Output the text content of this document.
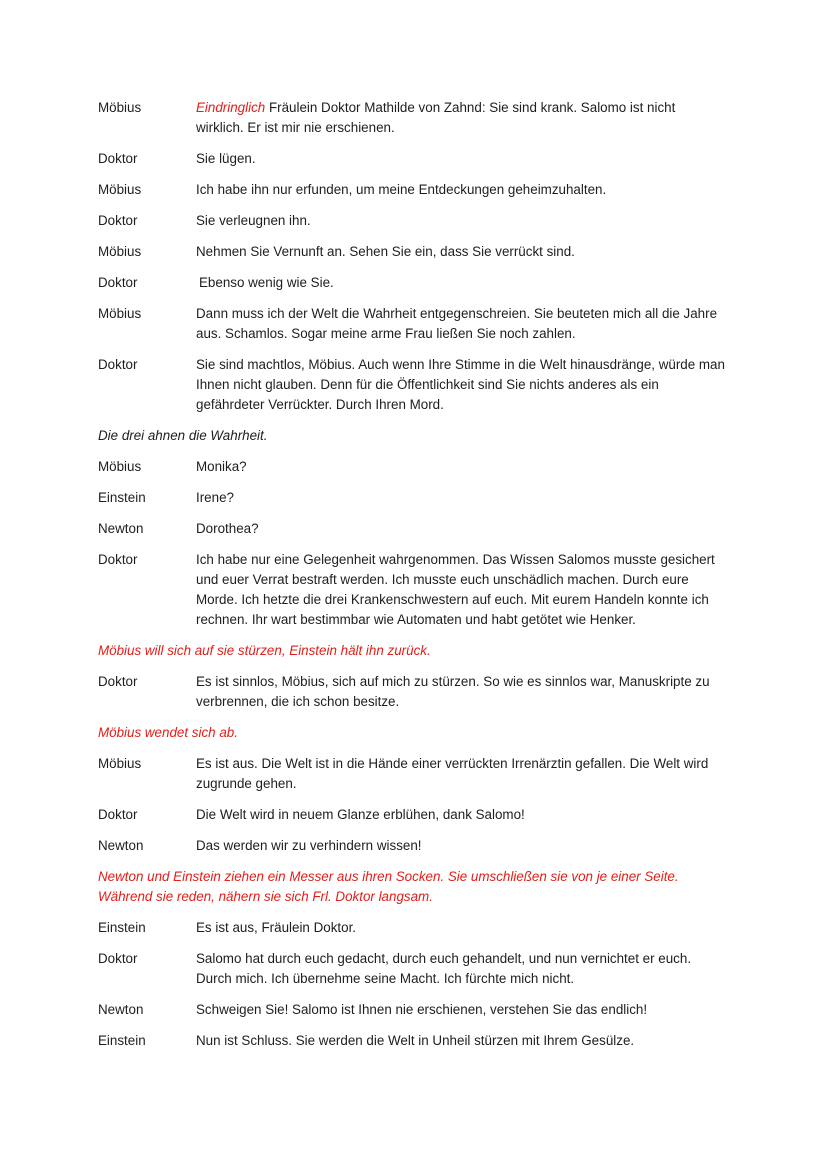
Möbius	Eindringlich Fräulein Doktor Mathilde von Zahnd: Sie sind krank. Salomo ist nicht wirklich. Er ist mir nie erschienen.
Doktor	Sie lügen.
Möbius	Ich habe ihn nur erfunden, um meine Entdeckungen geheimzuhalten.
Doktor	Sie verleugnen ihn.
Möbius	Nehmen Sie Vernunft an. Sehen Sie ein, dass Sie verrückt sind.
Doktor	Ebenso wenig wie Sie.
Möbius	Dann muss ich der Welt die Wahrheit entgegenschreien. Sie beuteten mich all die Jahre aus. Schamlos. Sogar meine arme Frau ließen Sie noch zahlen.
Doktor	Sie sind machtlos, Möbius. Auch wenn Ihre Stimme in die Welt hinausdränge, würde man Ihnen nicht glauben. Denn für die Öffentlichkeit sind Sie nichts anderes als ein gefährdeter Verrückter. Durch Ihren Mord.
Die drei ahnen die Wahrheit.
Möbius	Monika?
Einstein	Irene?
Newton	Dorothea?
Doktor	Ich habe nur eine Gelegenheit wahrgenommen. Das Wissen Salomos musste gesichert und euer Verrat bestraft werden. Ich musste euch unschädlich machen. Durch eure Morde. Ich hetzte die drei Krankenschwestern auf euch. Mit eurem Handeln konnte ich rechnen. Ihr wart bestimmbar wie Automaten und habt getötet wie Henker.
Möbius will sich auf sie stürzen, Einstein hält ihn zurück.
Doktor	Es ist sinnlos, Möbius, sich auf mich zu stürzen. So wie es sinnlos war, Manuskripte zu verbrennen, die ich schon besitze.
Möbius wendet sich ab.
Möbius	Es ist aus. Die Welt ist in die Hände einer verrückten Irrenärztin gefallen. Die Welt wird zugrunde gehen.
Doktor	Die Welt wird in neuem Glanze erblühen, dank Salomo!
Newton	Das werden wir zu verhindern wissen!
Newton und Einstein ziehen ein Messer aus ihren Socken. Sie umschließen sie von je einer Seite. Während sie reden, nähern sie sich Frl. Doktor langsam.
Einstein	Es ist aus, Fräulein Doktor.
Doktor	Salomo hat durch euch gedacht, durch euch gehandelt, und nun vernichtet er euch. Durch mich. Ich übernehme seine Macht. Ich fürchte mich nicht.
Newton	Schweigen Sie! Salomo ist Ihnen nie erschienen, verstehen Sie das endlich!
Einstein	Nun ist Schluss. Sie werden die Welt in Unheil stürzen mit Ihrem Gesülze.
